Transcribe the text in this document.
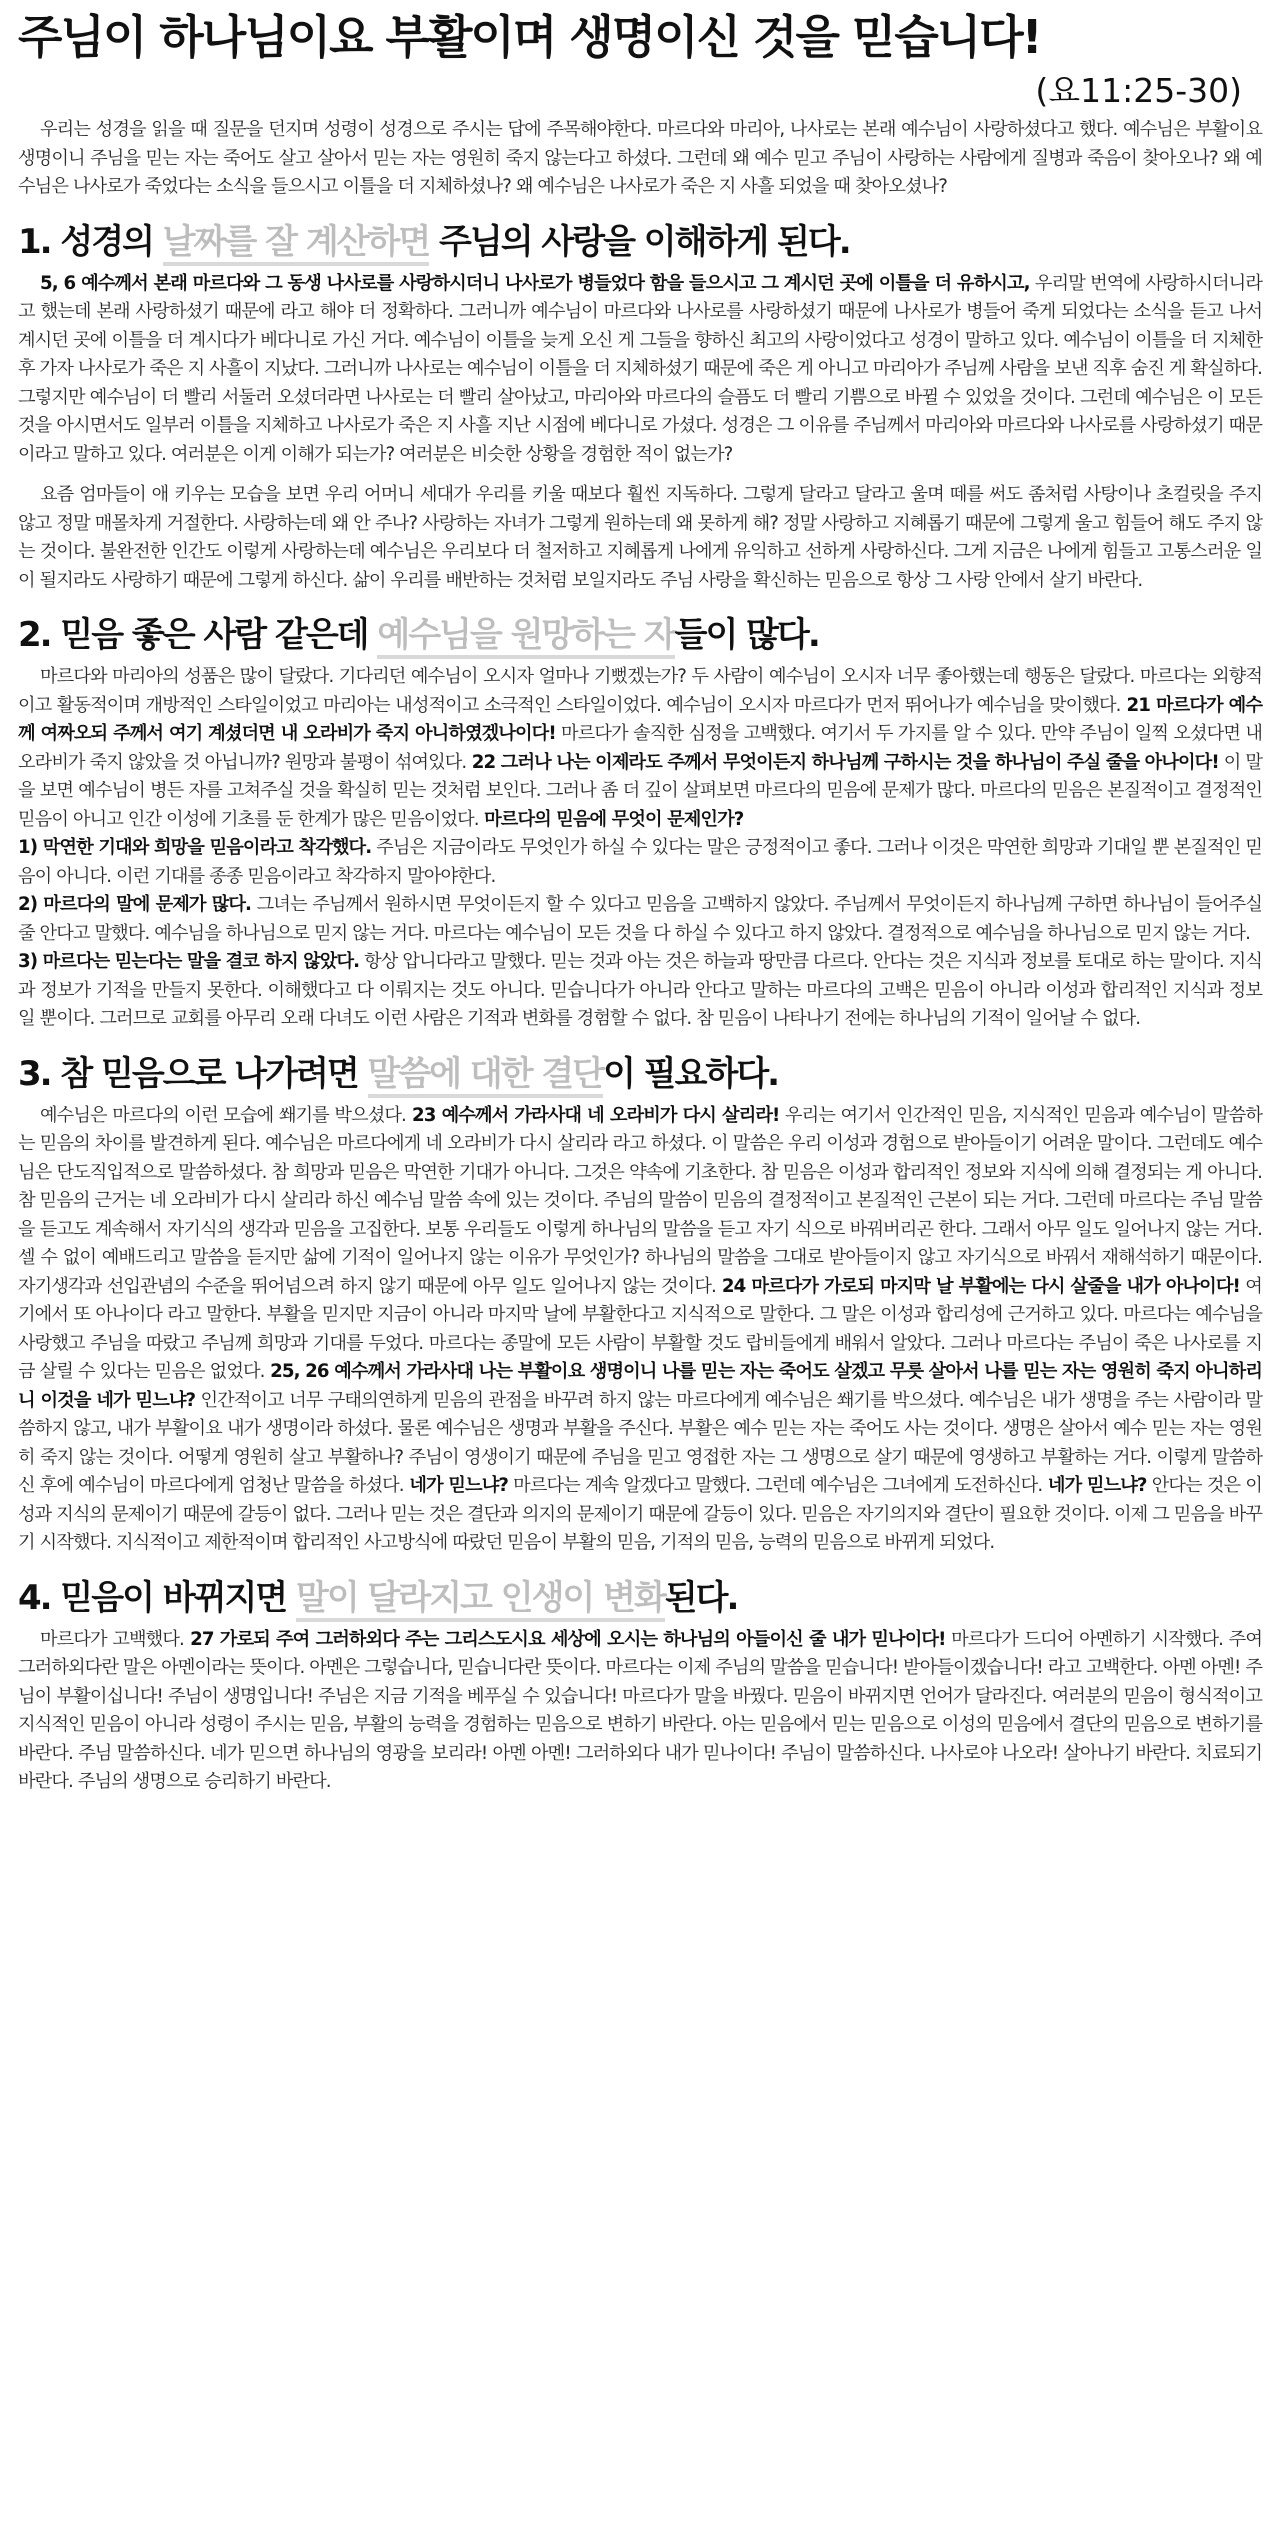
주님이 하나님이요 부활이며 생명이신 것을 믿습니다!
(요11:25-30)

우리는 성경을 읽을 때 질문을 던지며 성령이 성경으로 주시는 답에 주목해야한다. 마르다와 마리아, 나사로는 본래 예수님이 사랑하셨다고 했다. 예수님은 부활이요 생명이니 주님을 믿는 자는 죽어도 살고 살아서 믿는 자는 영원히 죽지 않는다고 하셨다. 그런데 왜 예수 믿고 주님이 사랑하는 사람에게 질병과 죽음이 찾아오나? 왜 예수님은 나사로가 죽었다는 소식을 들으시고 이틀을 더 지체하셨나? 왜 예수님은 나사로가 죽은 지 사흘 되었을 때 찾아오셨나?

1. 성경의 날짜를 잘 계산하면 주님의 사랑을 이해하게 된다.

5, 6 예수께서 본래 마르다와 그 동생 나사로를 사랑하시더니 나사로가 병들었다 함을 들으시고 그 계시던 곳에 이틀을 더 유하시고, 우리말 번역에 사랑하시더니라고 했는데 본래 사랑하셨기 때문에 라고 해야 더 정확하다. 그러니까 예수님이 마르다와 나사로를 사랑하셨기 때문에 나사로가 병들어 죽게 되었다는 소식을 듣고 나서 계시던 곳에 이틀을 더 계시다가 베다니로 가신 거다. 예수님이 이틀을 늦게 오신 게 그들을 향하신 최고의 사랑이었다고 성경이 말하고 있다. 예수님이 이틀을 더 지체한 후 가자 나사로가 죽은 지 사흘이 지났다. 그러니까 나사로는 예수님이 이틀을 더 지체하셨기 때문에 죽은 게 아니고 마리아가 주님께 사람을 보낸 직후 숨진 게 확실하다. 그렇지만 예수님이 더 빨리 서둘러 오셨더라면 나사로는 더 빨리 살아났고, 마리아와 마르다의 슬픔도 더 빨리 기쁨으로 바뀔 수 있었을 것이다. 그런데 예수님은 이 모든 것을 아시면서도 일부러 이틀을 지체하고 나사로가 죽은 지 사흘 지난 시점에 베다니로 가셨다. 성경은 그 이유를 주님께서 마리아와 마르다와 나사로를 사랑하셨기 때문이라고 말하고 있다. 여러분은 이게 이해가 되는가? 여러분은 비슷한 상황을 경험한 적이 없는가?

요즘 엄마들이 애 키우는 모습을 보면 우리 어머니 세대가 우리를 키울 때보다 훨씬 지독하다. 그렇게 달라고 달라고 울며 떼를 써도 좀처럼 사탕이나 초컬릿을 주지 않고 정말 매몰차게 거절한다. 사랑하는데 왜 안 주나? 사랑하는 자녀가 그렇게 원하는데 왜 못하게 해? 정말 사랑하고 지혜롭기 때문에 그렇게 울고 힘들어 해도 주지 않는 것이다. 불완전한 인간도 이렇게 사랑하는데 예수님은 우리보다 더 철저하고 지혜롭게 나에게 유익하고 선하게 사랑하신다. 그게 지금은 나에게 힘들고 고통스러운 일이 될지라도 사랑하기 때문에 그렇게 하신다. 삶이 우리를 배반하는 것처럼 보일지라도 주님 사랑을 확신하는 믿음으로 항상 그 사랑 안에서 살기 바란다.

2. 믿음 좋은 사람 같은데 예수님을 원망하는 자들이 많다.

마르다와 마리아의 성품은 많이 달랐다. 기다리던 예수님이 오시자 얼마나 기뻤겠는가? 두 사람이 예수님이 오시자 너무 좋아했는데 행동은 달랐다. 마르다는 외향적이고 활동적이며 개방적인 스타일이었고 마리아는 내성적이고 소극적인 스타일이었다. 예수님이 오시자 마르다가 먼저 뛰어나가 예수님을 맞이했다. 21 마르다가 예수께 여짜오되 주께서 여기 계셨더면 내 오라비가 죽지 아니하였겠나이다! 마르다가 솔직한 심정을 고백했다. 여기서 두 가지를 알 수 있다. 만약 주님이 일찍 오셨다면 내 오라비가 죽지 않았을 것 아닙니까? 원망과 불평이 섞여있다. 22 그러나 나는 이제라도 주께서 무엇이든지 하나님께 구하시는 것을 하나님이 주실 줄을 아나이다! 이 말을 보면 예수님이 병든 자를 고쳐주실 것을 확실히 믿는 것처럼 보인다. 그러나 좀 더 깊이 살펴보면 마르다의 믿음에 문제가 많다. 마르다의 믿음은 본질적이고 결정적인 믿음이 아니고 인간 이성에 기초를 둔 한계가 많은 믿음이었다. 마르다의 믿음에 무엇이 문제인가?

1) 막연한 기대와 희망을 믿음이라고 착각했다. 주님은 지금이라도 무엇인가 하실 수 있다는 말은 긍정적이고 좋다. 그러나 이것은 막연한 희망과 기대일 뿐 본질적인 믿음이 아니다. 이런 기대를 종종 믿음이라고 착각하지 말아야한다.

2) 마르다의 말에 문제가 많다. 그녀는 주님께서 원하시면 무엇이든지 할 수 있다고 믿음을 고백하지 않았다. 주님께서 무엇이든지 하나님께 구하면 하나님이 들어주실 줄 안다고 말했다. 예수님을 하나님으로 믿지 않는 거다. 마르다는 예수님이 모든 것을 다 하실 수 있다고 하지 않았다. 결정적으로 예수님을 하나님으로 믿지 않는 거다.

3) 마르다는 믿는다는 말을 결코 하지 않았다. 항상 압니다라고 말했다. 믿는 것과 아는 것은 하늘과 땅만큼 다르다. 안다는 것은 지식과 정보를 토대로 하는 말이다. 지식과 정보가 기적을 만들지 못한다. 이해했다고 다 이뤄지는 것도 아니다. 믿습니다가 아니라 안다고 말하는 마르다의 고백은 믿음이 아니라 이성과 합리적인 지식과 정보일 뿐이다. 그러므로 교회를 아무리 오래 다녀도 이런 사람은 기적과 변화를 경험할 수 없다. 참 믿음이 나타나기 전에는 하나님의 기적이 일어날 수 없다.

3. 참 믿음으로 나가려면 말씀에 대한 결단이 필요하다.

예수님은 마르다의 이런 모습에 쐐기를 박으셨다. 23 예수께서 가라사대 네 오라비가 다시 살리라! 우리는 여기서 인간적인 믿음, 지식적인 믿음과 예수님이 말씀하는 믿음의 차이를 발견하게 된다. 예수님은 마르다에게 네 오라비가 다시 살리라 라고 하셨다. 이 말씀은 우리 이성과 경험으로 받아들이기 어려운 말이다. 그런데도 예수님은 단도직입적으로 말씀하셨다. 참 희망과 믿음은 막연한 기대가 아니다. 그것은 약속에 기초한다. 참 믿음은 이성과 합리적인 정보와 지식에 의해 결정되는 게 아니다. 참 믿음의 근거는 네 오라비가 다시 살리라 하신 예수님 말씀 속에 있는 것이다. 주님의 말씀이 믿음의 결정적이고 본질적인 근본이 되는 거다. 그런데 마르다는 주님 말씀을 듣고도 계속해서 자기식의 생각과 믿음을 고집한다. 보통 우리들도 이렇게 하나님의 말씀을 듣고 자기 식으로 바꿔버리곤 한다. 그래서 아무 일도 일어나지 않는 거다. 셀 수 없이 예배드리고 말씀을 듣지만 삶에 기적이 일어나지 않는 이유가 무엇인가? 하나님의 말씀을 그대로 받아들이지 않고 자기식으로 바꿔서 재해석하기 때문이다. 자기생각과 선입관념의 수준을 뛰어넘으려 하지 않기 때문에 아무 일도 일어나지 않는 것이다. 24 마르다가 가로되 마지막 날 부활에는 다시 살줄을 내가 아나이다! 여기에서 또 아나이다 라고 말한다. 부활을 믿지만 지금이 아니라 마지막 날에 부활한다고 지식적으로 말한다. 그 말은 이성과 합리성에 근거하고 있다. 마르다는 예수님을 사랑했고 주님을 따랐고 주님께 희망과 기대를 두었다. 마르다는 종말에 모든 사람이 부활할 것도 랍비들에게 배워서 알았다. 그러나 마르다는 주님이 죽은 나사로를 지금 살릴 수 있다는 믿음은 없었다. 25, 26 예수께서 가라사대 나는 부활이요 생명이니 나를 믿는 자는 죽어도 살겠고 무릇 살아서 나를 믿는 자는 영원히 죽지 아니하리니 이것을 네가 믿느냐? 인간적이고 너무 구태의연하게 믿음의 관점을 바꾸려 하지 않는 마르다에게 예수님은 쐐기를 박으셨다. 예수님은 내가 생명을 주는 사람이라 말씀하지 않고, 내가 부활이요 내가 생명이라 하셨다. 물론 예수님은 생명과 부활을 주신다. 부활은 예수 믿는 자는 죽어도 사는 것이다. 생명은 살아서 예수 믿는 자는 영원히 죽지 않는 것이다. 어떻게 영원히 살고 부활하나? 주님이 영생이기 때문에 주님을 믿고 영접한 자는 그 생명으로 살기 때문에 영생하고 부활하는 거다. 이렇게 말씀하신 후에 예수님이 마르다에게 엄청난 말씀을 하셨다. 네가 믿느냐? 마르다는 계속 알겠다고 말했다. 그런데 예수님은 그녀에게 도전하신다. 네가 믿느냐? 안다는 것은 이성과 지식의 문제이기 때문에 갈등이 없다. 그러나 믿는 것은 결단과 의지의 문제이기 때문에 갈등이 있다. 믿음은 자기의지와 결단이 필요한 것이다. 이제 그 믿음을 바꾸기 시작했다. 지식적이고 제한적이며 합리적인 사고방식에 따랐던 믿음이 부활의 믿음, 기적의 믿음, 능력의 믿음으로 바뀌게 되었다.

4. 믿음이 바뀌지면 말이 달라지고 인생이 변화된다.

마르다가 고백했다. 27 가로되 주여 그러하외다 주는 그리스도시요 세상에 오시는 하나님의 아들이신 줄 내가 믿나이다! 마르다가 드디어 아멘하기 시작했다. 주여 그러하외다란 말은 아멘이라는 뜻이다. 아멘은 그렇습니다, 믿습니다란 뜻이다. 마르다는 이제 주님의 말씀을 믿습니다! 받아들이겠습니다! 라고 고백한다. 아멘 아멘! 주님이 부활이십니다! 주님이 생명입니다! 주님은 지금 기적을 베푸실 수 있습니다! 마르다가 말을 바꿨다. 믿음이 바뀌지면 언어가 달라진다. 여러분의 믿음이 형식적이고 지식적인 믿음이 아니라 성령이 주시는 믿음, 부활의 능력을 경험하는 믿음으로 변하기 바란다. 아는 믿음에서 믿는 믿음으로 이성의 믿음에서 결단의 믿음으로 변하기를 바란다. 주님 말씀하신다. 네가 믿으면 하나님의 영광을 보리라! 아멘 아멘! 그러하외다 내가 믿나이다! 주님이 말씀하신다. 나사로야 나오라! 살아나기 바란다. 치료되기 바란다. 주님의 생명으로 승리하기 바란다.
